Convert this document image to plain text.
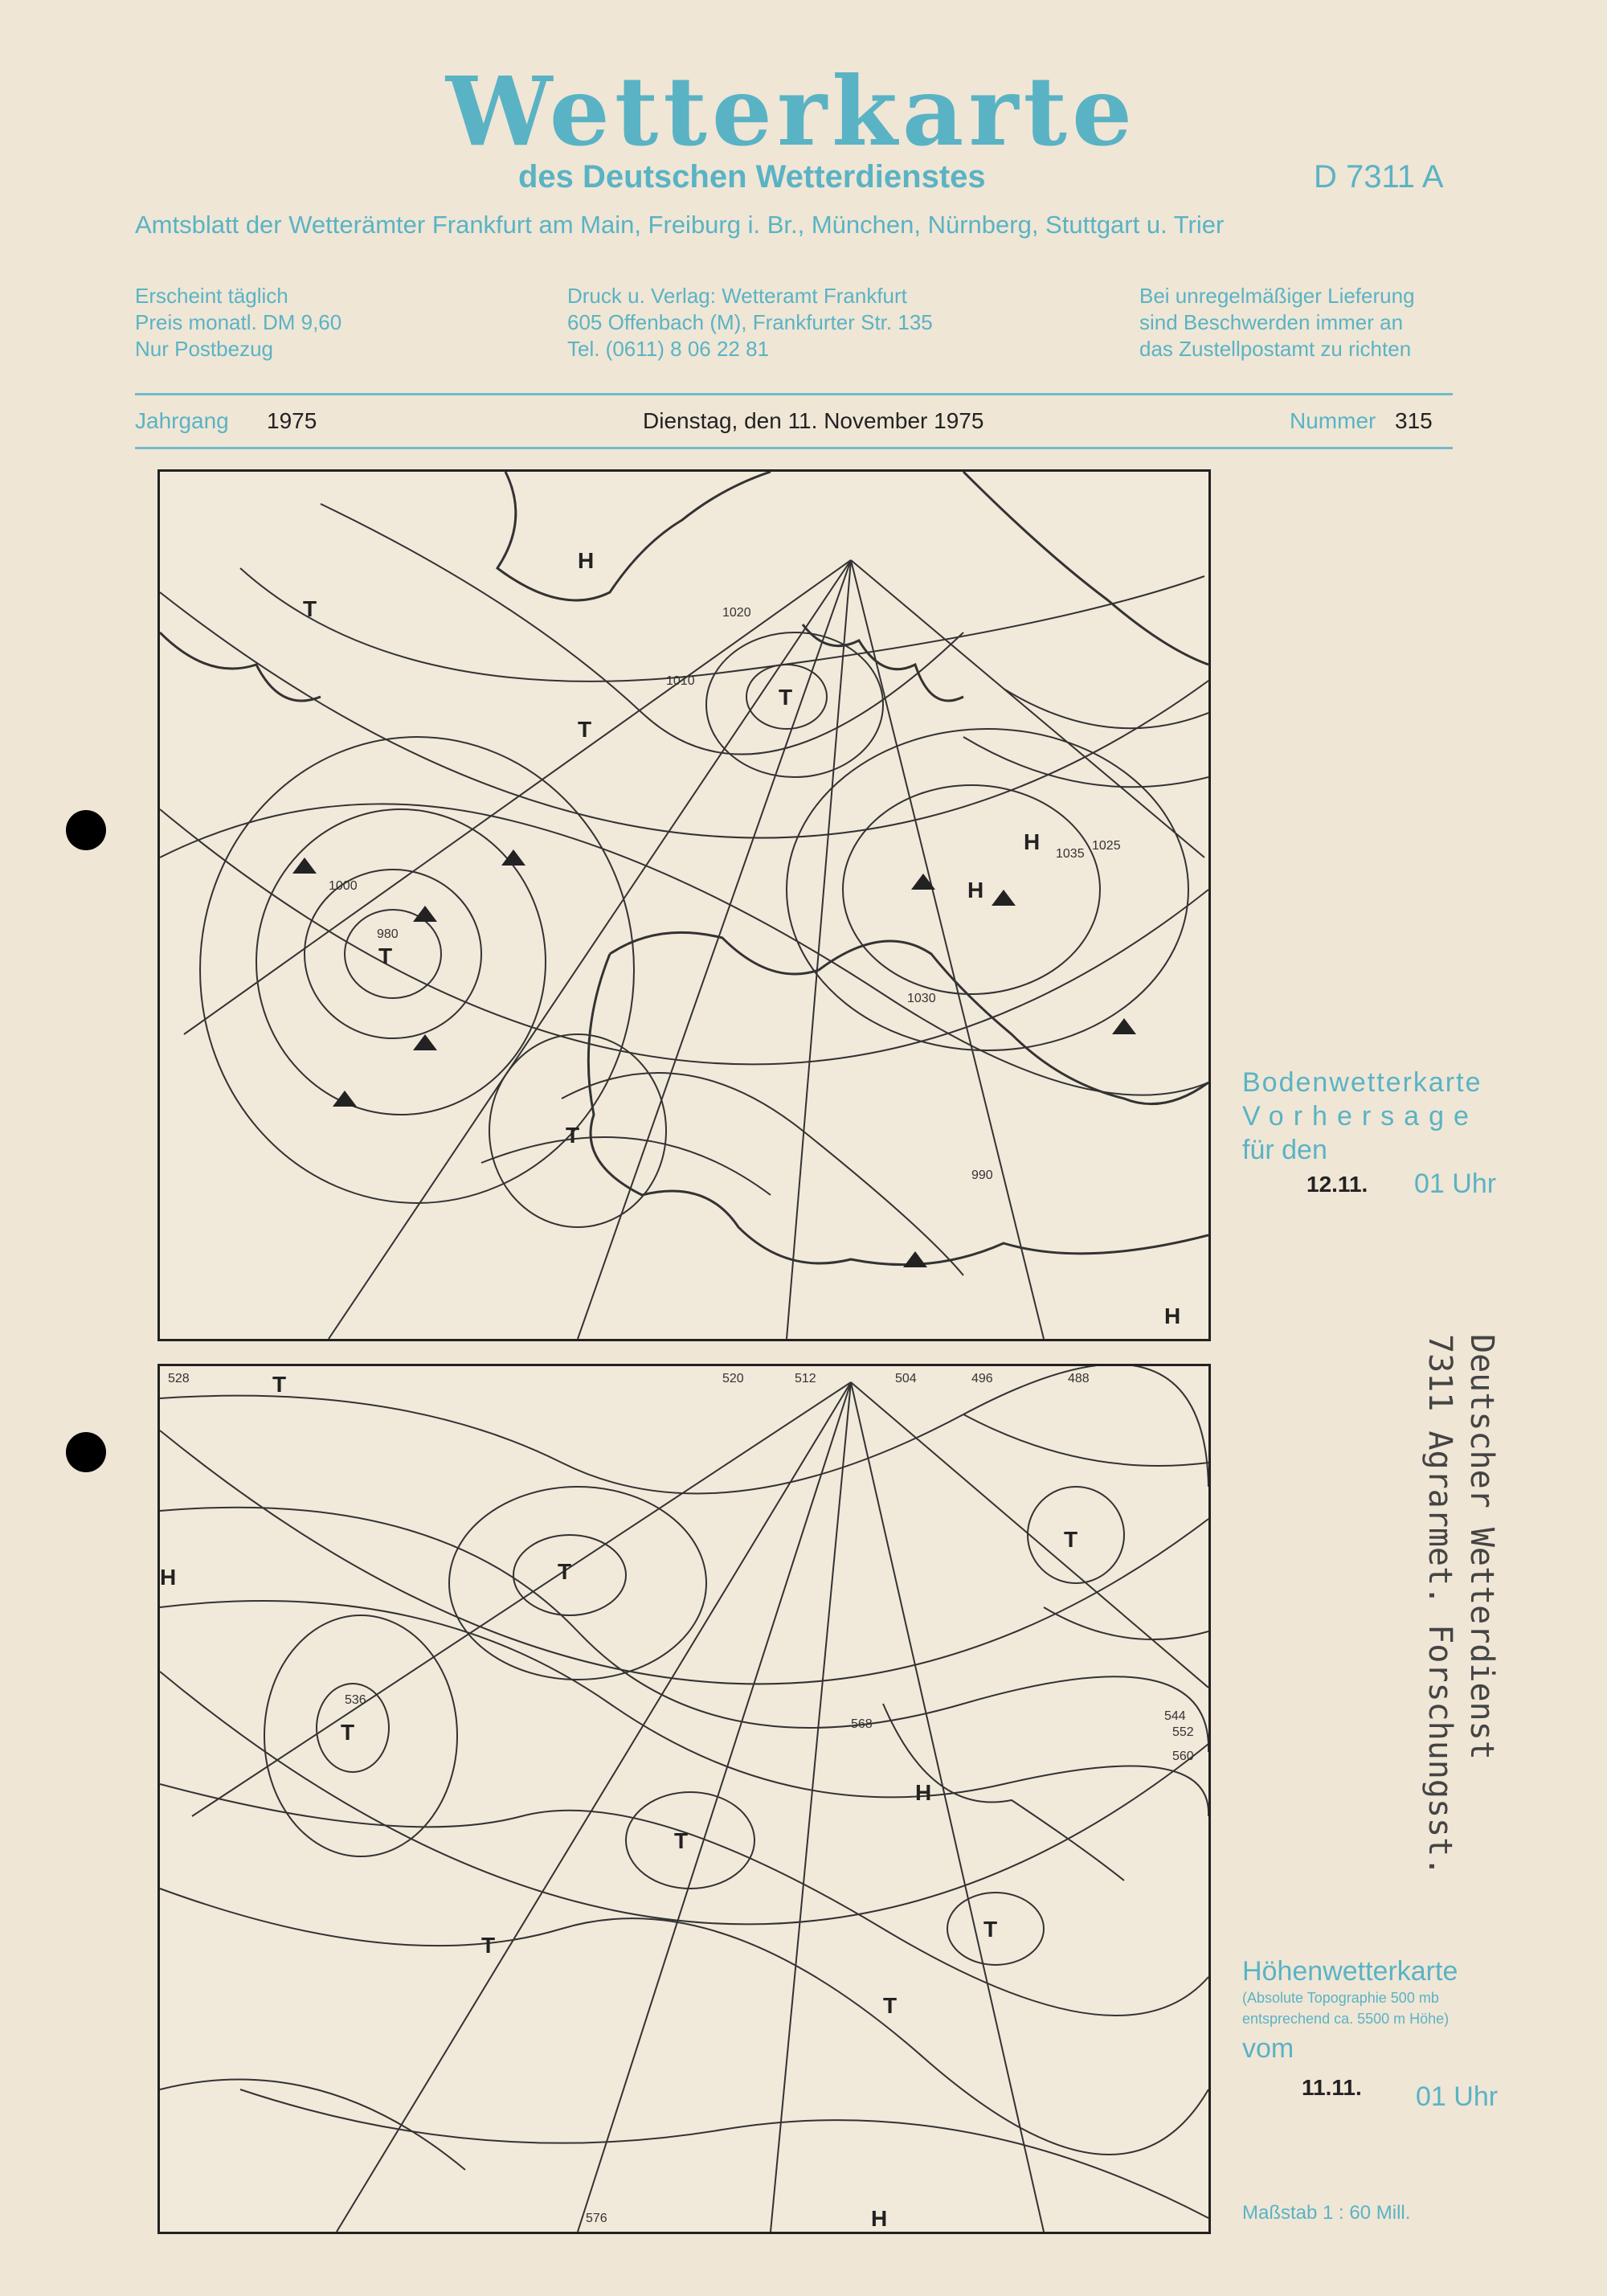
Wetterkarte
des Deutschen Wetterdienstes	D 7311 A
Amtsblatt der Wetterämter Frankfurt am Main, Freiburg i. Br., München, Nürnberg, Stuttgart u. Trier
Erscheint täglich
Preis monatl. DM 9,60
Nur Postbezug
Druck u. Verlag: Wetteramt Frankfurt
605 Offenbach (M), Frankfurter Str. 135
Tel. (0611) 8 06 22 81
Bei unregelmäßiger Lieferung
sind Beschwerden immer an
das Zustellpostamt zu richten
Jahrgang 1975	Dienstag, den 11. November 1975	Nummer 315
T
T
T
T
H
H
T
H
H
1000
1010
1020
1030
1035
980
990
1025
Bodenwetterkarte
Vorhersage
für den
12.11. 01 Uhr
T
T
T
T
T
T
T
H
H
H
T
528	520	512	504
536
544
552
560
568
576
496	488
Höhenwetterkarte
(Absolute Topographie 500 mb
entsprechend ca. 5500 m Höhe)
vom
11.11. 01 Uhr
Maßstab 1 : 60 Mill.
7311 Agrarmet. Forschungsst. Deutscher Wetterdienst
